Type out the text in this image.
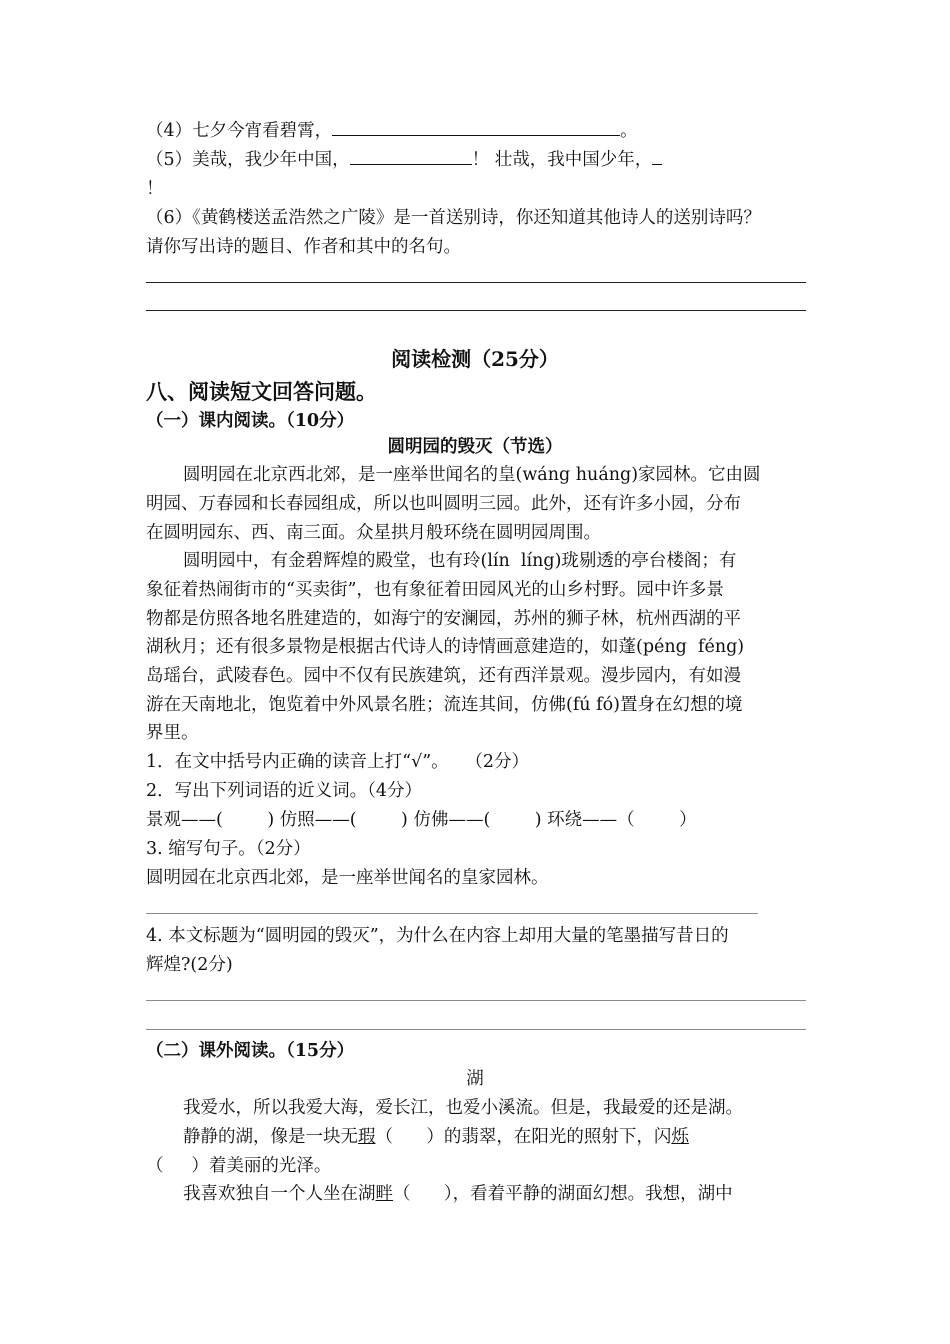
（4）七夕今宵看碧霄，	。
（5）美哉，我少年中国，	！ 壮哉，我中国少年，
！
（6）《黄鹤楼送孟浩然之广陵》是一首送别诗，你还知道其他诗人的送别诗吗？
请你写出诗的题目、作者和其中的名句。
阅读检测（25分）
八、阅读短文回答问题。
（一）课内阅读。（10分）
圆明园的毁灭（节选）
圆明园在北京西北郊，是一座举世闻名的皇(wáng huáng)家园林。它由圆
明园、万春园和长春园组成，所以也叫圆明三园。此外，还有许多小园，分布
在圆明园东、西、南三面。众星拱月般环绕在圆明园周围。
圆明园中，有金碧辉煌的殿堂，也有玲(lín  líng)珑剔透的亭台楼阁；有
象征着热闹街市的“买卖街”，也有象征着田园风光的山乡村野。园中许多景
物都是仿照各地名胜建造的，如海宁的安澜园，苏州的狮子林，杭州西湖的平
湖秋月；还有很多景物是根据古代诗人的诗情画意建造的，如蓬(péng  féng)
岛瑶台，武陵春色。园中不仅有民族建筑，还有西洋景观。漫步园内，有如漫
游在天南地北，饱览着中外风景名胜；流连其间，仿佛(fú fó)置身在幻想的境
界里。
1．在文中括号内正确的读音上打“√”。   （2分）
2．写出下列词语的近义词。（4分）
景观——(        ) 仿照——(        ) 仿佛——(        ) 环绕——（        ）
3. 缩写句子。（2分）
圆明园在北京西北郊，是一座举世闻名的皇家园林。
4. 本文标题为“圆明园的毁灭”，为什么在内容上却用大量的笔墨描写昔日的
辉煌?(2分)
（二）课外阅读。（15分）
湖
我爱水，所以我爱大海，爱长江，也爱小溪流。但是，我最爱的还是湖。
静静的湖，像是一块无瑕（      ）的翡翠，在阳光的照射下，闪烁
（     ）着美丽的光泽。
我喜欢独自一个人坐在湖畔（      ），看着平静的湖面幻想。我想，湖中
